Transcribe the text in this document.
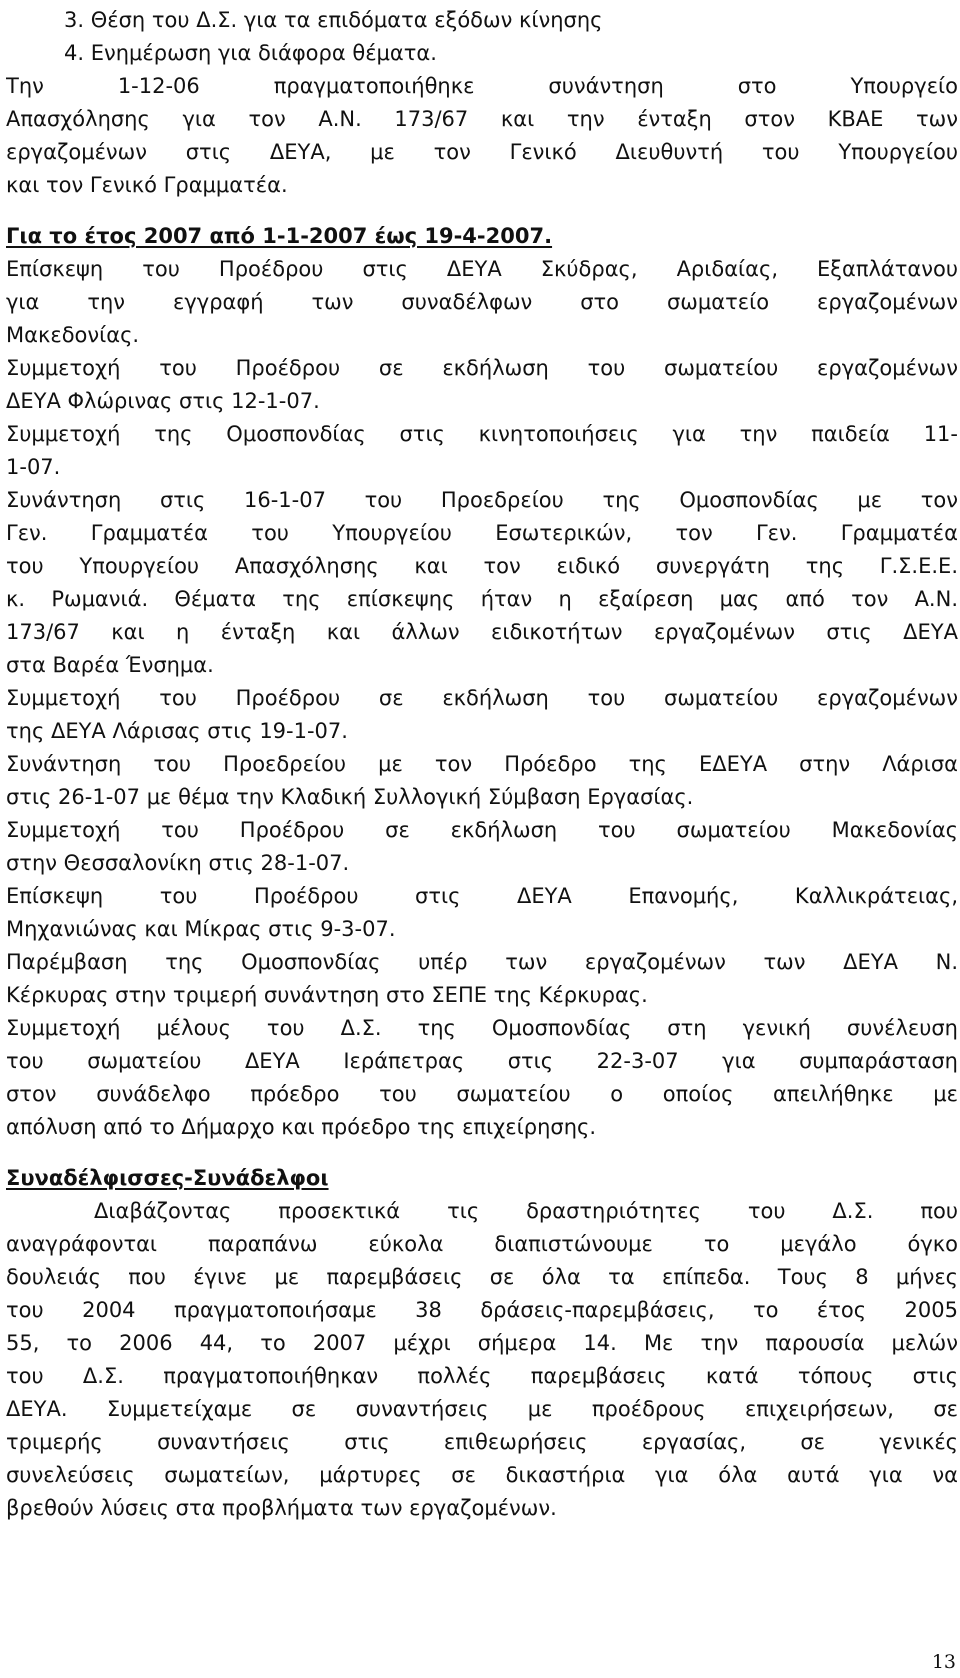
3. Θέση του Δ.Σ. για τα επιδόματα εξόδων κίνησης
4. Ενημέρωση για διάφορα θέματα.
Την 1-12-06 πραγματοποιήθηκε συνάντηση στο Υπουργείο
Απασχόλησης για τον Α.Ν. 173/67 και την ένταξη στον ΚΒΑΕ των
εργαζομένων στις ΔΕΥΑ, με τον Γενικό Διευθυντή του Υπουργείου
και τον Γενικό Γραμματέα.
Για το έτος 2007 από 1-1-2007 έως 19-4-2007.
Επίσκεψη του Προέδρου στις ΔΕΥΑ Σκύδρας, Αριδαίας, Εξαπλάτανου
για την εγγραφή των συναδέλφων στο σωματείο εργαζομένων
Μακεδονίας.
Συμμετοχή του Προέδρου σε εκδήλωση του σωματείου εργαζομένων
ΔΕΥΑ Φλώρινας στις 12-1-07.
Συμμετοχή της Ομοσπονδίας στις κινητοποιήσεις για την παιδεία 11-
1-07.
Συνάντηση στις 16-1-07 του Προεδρείου της Ομοσπονδίας με τον
Γεν. Γραμματέα του Υπουργείου Εσωτερικών, τον Γεν. Γραμματέα
του Υπουργείου Απασχόλησης και τον ειδικό συνεργάτη της Γ.Σ.Ε.Ε.
κ. Ρωμανιά. Θέματα της επίσκεψης ήταν η εξαίρεση μας από τον Α.Ν.
173/67 και η ένταξη και άλλων ειδικοτήτων εργαζομένων στις ΔΕΥΑ
στα Βαρέα Ένσημα.
Συμμετοχή του Προέδρου σε εκδήλωση του σωματείου εργαζομένων
της ΔΕΥΑ Λάρισας στις 19-1-07.
Συνάντηση του Προεδρείου με τον Πρόεδρο της ΕΔΕΥΑ στην Λάρισα
στις 26-1-07 με θέμα την Κλαδική Συλλογική Σύμβαση Εργασίας.
Συμμετοχή του Προέδρου σε εκδήλωση του σωματείου Μακεδονίας
στην Θεσσαλονίκη στις 28-1-07.
Επίσκεψη του Προέδρου στις ΔΕΥΑ Επανομής, Καλλικράτειας,
Μηχανιώνας και Μίκρας στις 9-3-07.
Παρέμβαση της Ομοσπονδίας υπέρ των εργαζομένων των ΔΕΥΑ Ν.
Κέρκυρας στην τριμερή συνάντηση στο ΣΕΠΕ της Κέρκυρας.
Συμμετοχή μέλους του Δ.Σ. της Ομοσπονδίας στη γενική συνέλευση
του σωματείου ΔΕΥΑ Ιεράπετρας στις 22-3-07 για συμπαράσταση
στον συνάδελφο πρόεδρο του σωματείου ο οποίος απειλήθηκε με
απόλυση από το Δήμαρχο και πρόεδρο της επιχείρησης.
Συναδέλφισσες-Συνάδελφοι
Διαβάζοντας προσεκτικά τις δραστηριότητες του Δ.Σ. που
αναγράφονται παραπάνω εύκολα διαπιστώνουμε το μεγάλο όγκο
δουλειάς που έγινε με παρεμβάσεις σε όλα τα επίπεδα. Τους 8 μήνες
του 2004 πραγματοποιήσαμε 38 δράσεις-παρεμβάσεις, το έτος 2005
55, το 2006 44, το 2007 μέχρι σήμερα 14. Με την παρουσία μελών
του Δ.Σ. πραγματοποιήθηκαν πολλές παρεμβάσεις κατά τόπους στις
ΔΕΥΑ. Συμμετείχαμε σε συναντήσεις με προέδρους επιχειρήσεων, σε
τριμερής συναντήσεις στις επιθεωρήσεις εργασίας, σε γενικές
συνελεύσεις σωματείων, μάρτυρες σε δικαστήρια για όλα αυτά για να
βρεθούν λύσεις στα προβλήματα των εργαζομένων.
13
